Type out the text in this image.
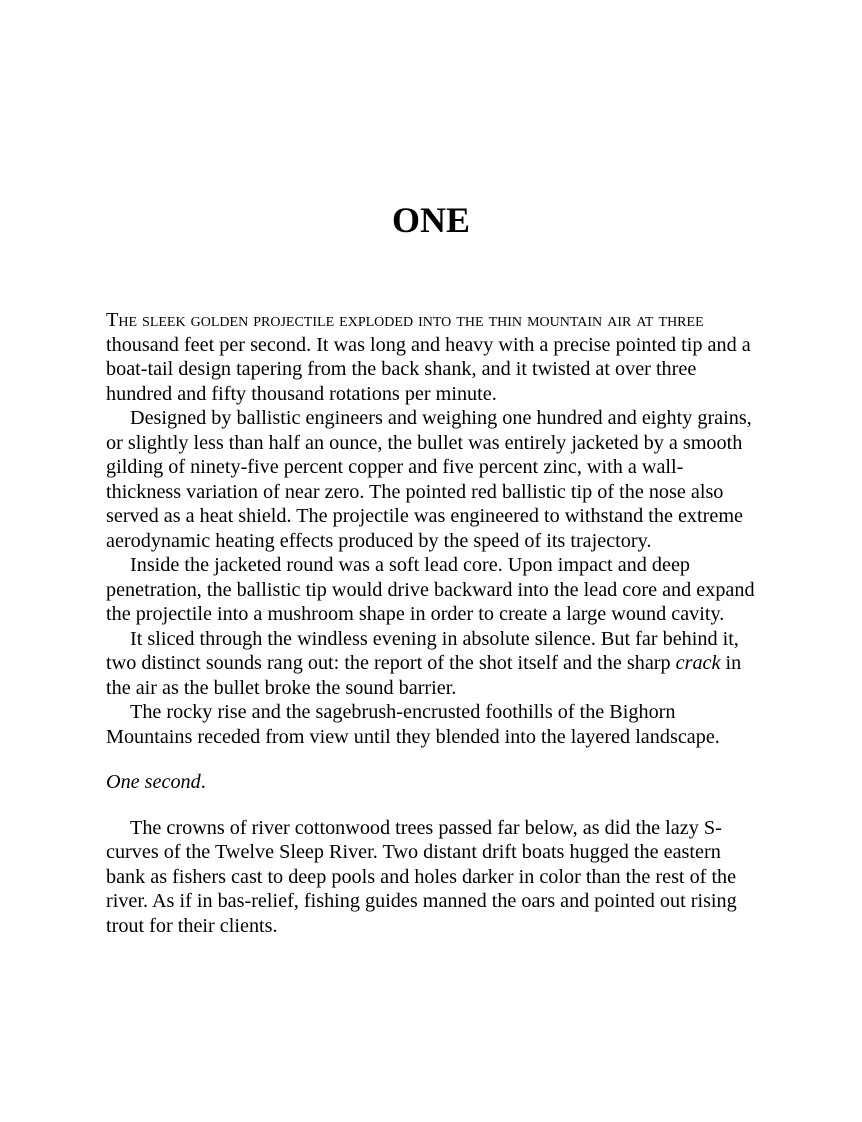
ONE

The sleek golden projectile exploded into the thin mountain air at three thousand feet per second. It was long and heavy with a precise pointed tip and a boat-tail design tapering from the back shank, and it twisted at over three hundred and fifty thousand rotations per minute.

Designed by ballistic engineers and weighing one hundred and eighty grains, or slightly less than half an ounce, the bullet was entirely jacketed by a smooth gilding of ninety-five percent copper and five percent zinc, with a wall-thickness variation of near zero. The pointed red ballistic tip of the nose also served as a heat shield. The projectile was engineered to withstand the extreme aerodynamic heating effects produced by the speed of its trajectory.

Inside the jacketed round was a soft lead core. Upon impact and deep penetration, the ballistic tip would drive backward into the lead core and expand the projectile into a mushroom shape in order to create a large wound cavity.

It sliced through the windless evening in absolute silence. But far behind it, two distinct sounds rang out: the report of the shot itself and the sharp crack in the air as the bullet broke the sound barrier.

The rocky rise and the sagebrush-encrusted foothills of the Bighorn Mountains receded from view until they blended into the layered landscape.

One second.

The crowns of river cottonwood trees passed far below, as did the lazy S-curves of the Twelve Sleep River. Two distant drift boats hugged the eastern bank as fishers cast to deep pools and holes darker in color than the rest of the river. As if in bas-relief, fishing guides manned the oars and pointed out rising trout for their clients.
